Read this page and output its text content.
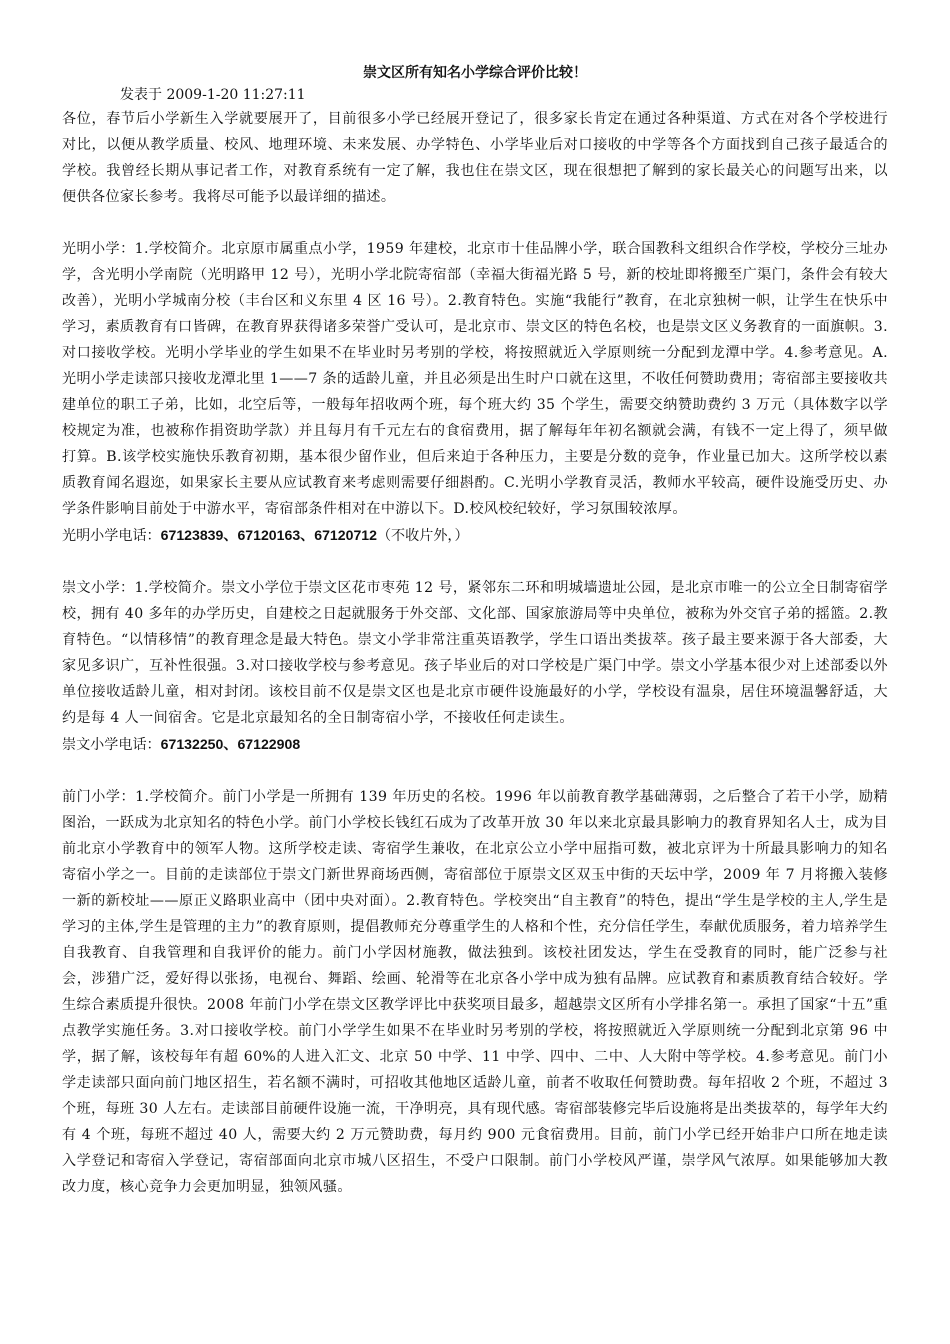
崇文区所有知名小学综合评价比较！

发表于 2009-1-20 11:27:11

各位，春节后小学新生入学就要展开了，目前很多小学已经展开登记了，很多家长肯定在通过各种渠道、方式在对各个学校进行对比，以便从教学质量、校风、地理环境、未来发展、办学特色、小学毕业后对口接收的中学等各个方面找到自己孩子最适合的学校。我曾经长期从事记者工作，对教育系统有一定了解，我也住在崇文区，现在很想把了解到的家长最关心的问题写出来，以便供各位家长参考。我将尽可能予以最详细的描述。

光明小学：1.学校简介。北京原市属重点小学，1959 年建校，北京市十佳品牌小学，联合国教科文组织合作学校，学校分三址办学，含光明小学南院（光明路甲 12 号），光明小学北院寄宿部（幸福大街福光路 5 号，新的校址即将搬至广渠门，条件会有较大改善），光明小学城南分校（丰台区和义东里 4 区 16 号）。2.教育特色。实施“我能行”教育，在北京独树一帜，让学生在快乐中学习，素质教育有口皆碑，在教育界获得诸多荣誉广受认可，是北京市、崇文区的特色名校，也是崇文区义务教育的一面旗帜。3.对口接收学校。光明小学毕业的学生如果不在毕业时另考别的学校，将按照就近入学原则统一分配到龙潭中学。4.参考意见。A.光明小学走读部只接收龙潭北里 1——7 条的适龄儿童，并且必须是出生时户口就在这里，不收任何赞助费用；寄宿部主要接收共建单位的职工子弟，比如，北空后等，一般每年招收两个班，每个班大约 35 个学生，需要交纳赞助费约 3 万元（具体数字以学校规定为准，也被称作捐资助学款）并且每月有千元左右的食宿费用，据了解每年年初名额就会满，有钱不一定上得了，须早做打算。B.该学校实施快乐教育初期，基本很少留作业，但后来迫于各种压力，主要是分数的竞争，作业量已加大。这所学校以素质教育闻名遐迩，如果家长主要从应试教育来考虑则需要仔细斟酌。C.光明小学教育灵活，教师水平较高，硬件设施受历史、办学条件影响目前处于中游水平，寄宿部条件相对在中游以下。D.校风校纪较好，学习氛围较浓厚。

光明小学电话：67123839、67120163、67120712（不收片外，）

崇文小学：1.学校简介。崇文小学位于崇文区花市枣苑 12 号，紧邻东二环和明城墙遗址公园，是北京市唯一的公立全日制寄宿学校，拥有 40 多年的办学历史，自建校之日起就服务于外交部、文化部、国家旅游局等中央单位，被称为外交官子弟的摇篮。2.教育特色。“以情移情”的教育理念是最大特色。崇文小学非常注重英语教学，学生口语出类拔萃。孩子最主要来源于各大部委，大家见多识广，互补性很强。3.对口接收学校与参考意见。孩子毕业后的对口学校是广渠门中学。崇文小学基本很少对上述部委以外单位接收适龄儿童，相对封闭。该校目前不仅是崇文区也是北京市硬件设施最好的小学，学校设有温泉，居住环境温馨舒适，大约是每 4 人一间宿舍。它是北京最知名的全日制寄宿小学，不接收任何走读生。

崇文小学电话：67132250、67122908

前门小学：1.学校简介。前门小学是一所拥有 139 年历史的名校。1996 年以前教育教学基础薄弱，之后整合了若干小学，励精图治，一跃成为北京知名的特色小学。前门小学校长钱红石成为了改革开放 30 年以来北京最具影响力的教育界知名人士，成为目前北京小学教育中的领军人物。这所学校走读、寄宿学生兼收，在北京公立小学中屈指可数，被北京评为十所最具影响力的知名寄宿小学之一。目前的走读部位于崇文门新世界商场西侧，寄宿部位于原崇文区双玉中街的天坛中学，2009 年 7 月将搬入装修一新的新校址——原正义路职业高中（团中央对面）。2.教育特色。学校突出“自主教育”的特色，提出“学生是学校的主人,学生是学习的主体,学生是管理的主力”的教育原则，提倡教师充分尊重学生的人格和个性，充分信任学生，奉献优质服务，着力培养学生自我教育、自我管理和自我评价的能力。前门小学因材施教，做法独到。该校社团发达，学生在受教育的同时，能广泛参与社会，涉猎广泛，爱好得以张扬，电视台、舞蹈、绘画、轮滑等在北京各小学中成为独有品牌。应试教育和素质教育结合较好。学生综合素质提升很快。2008 年前门小学在崇文区教学评比中获奖项目最多，超越崇文区所有小学排名第一。承担了国家“十五”重点教学实施任务。3.对口接收学校。前门小学学生如果不在毕业时另考别的学校，将按照就近入学原则统一分配到北京第 96 中学，据了解，该校每年有超 60%的人进入汇文、北京 50 中学、11 中学、四中、二中、人大附中等学校。4.参考意见。前门小学走读部只面向前门地区招生，若名额不满时，可招收其他地区适龄儿童，前者不收取任何赞助费。每年招收 2 个班，不超过 3 个班，每班 30 人左右。走读部目前硬件设施一流，干净明亮，具有现代感。寄宿部装修完毕后设施将是出类拔萃的，每学年大约有 4 个班，每班不超过 40 人，需要大约 2 万元赞助费，每月约 900 元食宿费用。目前，前门小学已经开始非户口所在地走读入学登记和寄宿入学登记，寄宿部面向北京市城八区招生，不受户口限制。前门小学校风严谨，崇学风气浓厚。如果能够加大教改力度，核心竞争力会更加明显，独领风骚。
